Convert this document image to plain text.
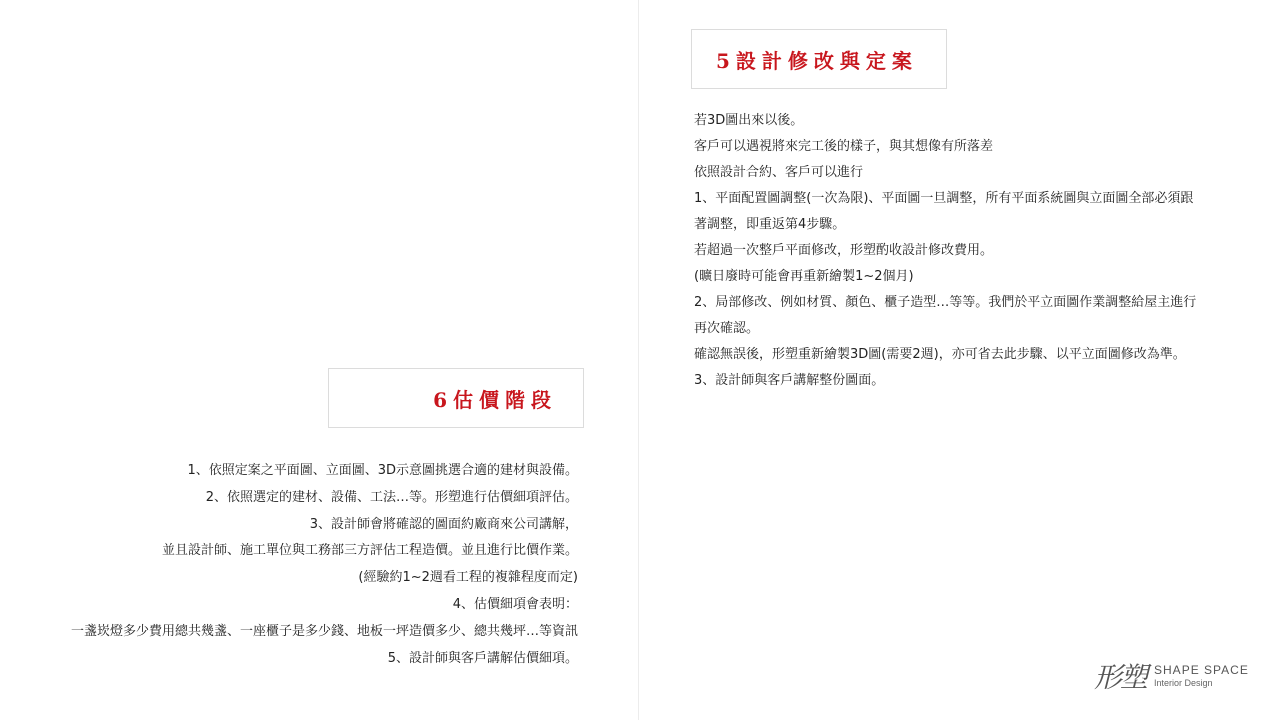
5設計修改與定案

若3D圖出來以後。

客戶可以遇視將來完工後的樣子，與其想像有所落差

依照設計合約、客戶可以進行

1、平面配置圖調整(一次為限)、平面圖一旦調整，所有平面系統圖與立面圖全部必須跟

著調整，即重返第4步驟。

若超過一次整戶平面修改，形塑酌收設計修改費用。

(曠日廢時可能會再重新繪製1~2個月)

2、局部修改、例如材質、顏色、櫃子造型…等等。我們於平立面圖作業調整給屋主進行

再次確認。

確認無誤後，形塑重新繪製3D圖(需要2週)，亦可省去此步驟、以平立面圖修改為準。

3、設計師與客戶講解整份圖面。

6估價階段

1、依照定案之平面圖、立面圖、3D示意圖挑選合適的建材與設備。

2、依照選定的建材、設備、工法…等。形塑進行估價細項評估。

3、設計師會將確認的圖面約廠商來公司講解，

並且設計師、施工單位與工務部三方評估工程造價。並且進行比價作業。

(經驗約1~2週看工程的複雜程度而定)

4、估價細項會表明：

一盞崁燈多少費用總共幾盞、一座櫃子是多少錢、地板一坪造價多少、總共幾坪…等資訊

5、設計師與客戶講解估價細項。

形塑 SHAPE SPACE
Interior Design
